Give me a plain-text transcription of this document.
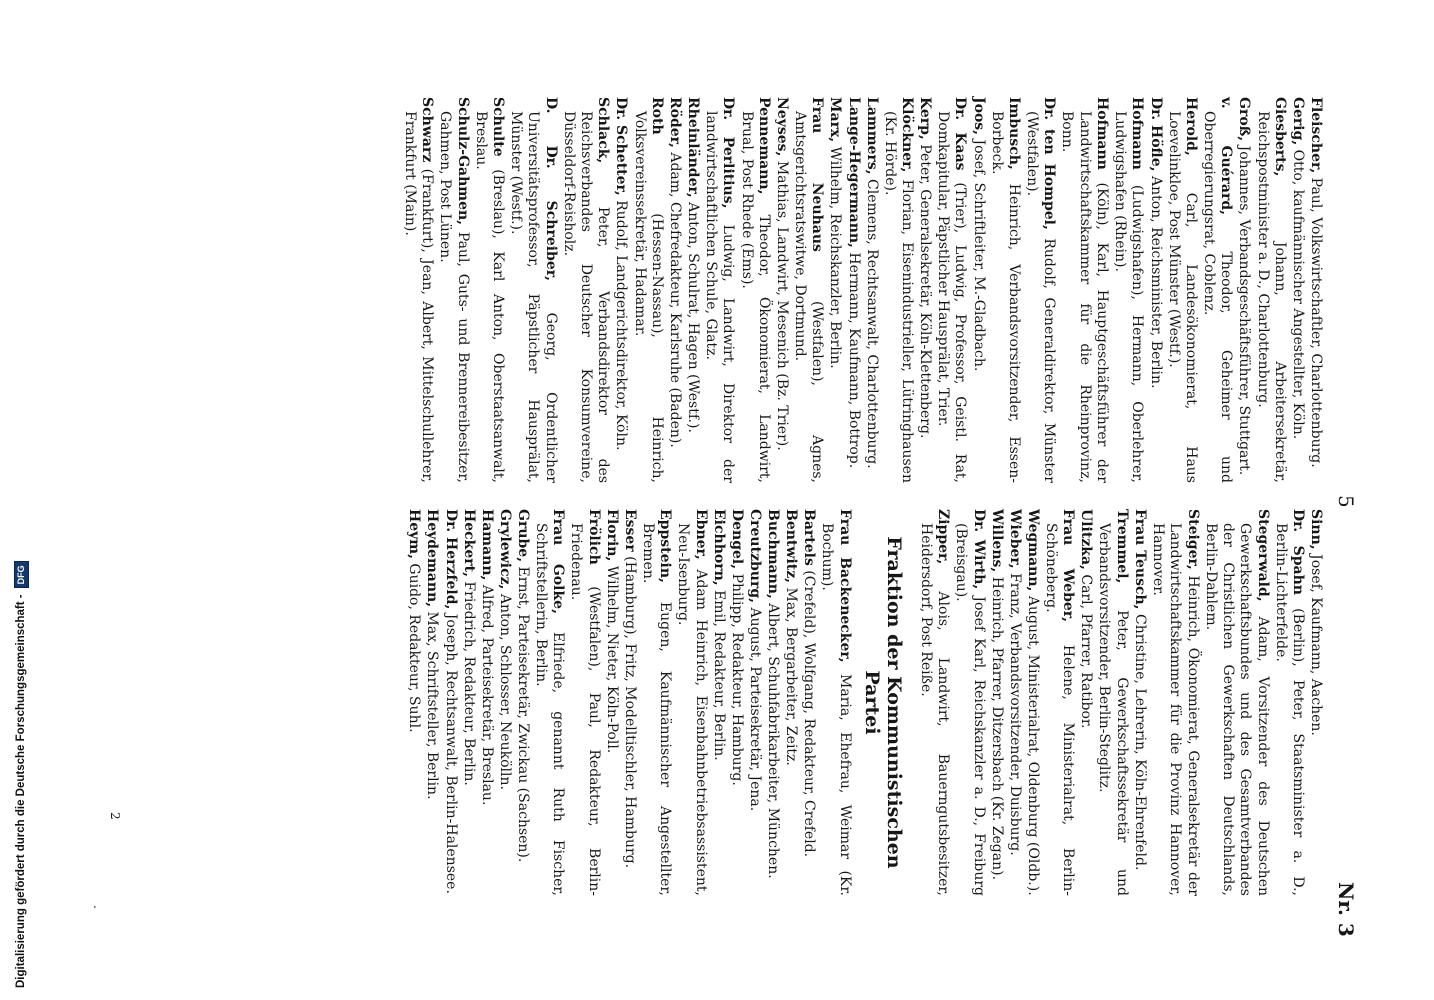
5
Nr. 3

Fleischer, Paul, Volkswirtschaftler, Charlottenburg.

Gerig, Otto, kaufmännischer Angestellter, Köln.

Giesberts, Johann, Arbeitersekretär, Reichspostminister a. D., Charlottenburg.

Groß, Johannes, Verbandsgeschäftsführer, Stuttgart.

v. Guérard, Theodor, Geheimer und Oberregierungsrat, Coblenz.

Herold, Carl, Landesökonomierat, Haus Loevelinkloe, Post Münster (Westf.).

Dr. Höfle, Anton, Reichsminister, Berlin.

Hofmann (Ludwigshafen), Hermann, Oberlehrer, Ludwigshafen (Rhein).

Hofmann (Köln), Karl, Hauptgeschäftsführer der Landwirtschaftskammer für die Rheinprovinz, Bonn.

Dr. ten Hompel, Rudolf, Generaldirektor, Münster (Westfalen).

Imbusch, Heinrich, Verbandsvorsitzender, Essen-Borbeck.

Joos, Josef, Schriftleiter, M.-Gladbach.

Dr. Kaas (Trier), Ludwig, Professor, Geistl. Rat, Domkapitular, Päpstlicher Hausprälat, Trier.

Kerp, Peter, Generalsekretär, Köln-Klettenberg.

Klöckner, Florian, Eisenindustrieller, Lütringhausen (Kr. Hörde).

Lammers, Clemens, Rechtsanwalt, Charlottenburg.

Lange-Hegermann, Hermann, Kaufmann, Bottrop.

Marx, Wilhelm, Reichskanzler, Berlin.

Frau Neuhaus (Westfalen), Agnes, Amtsgerichtsratswitwe, Dortmund.

Neyses, Mathias, Landwirt, Mesenich (Bz. Trier).

Pennemann, Theodor, Ökonomierat, Landwirt, Brual, Post Rhede (Ems).

Dr. Perlitius, Ludwig, Landwirt, Direktor der landwirtschaftlichen Schule, Glatz.

Rheinländer, Anton, Schulrat, Hagen (Westf.).

Röder, Adam, Chefredakteur, Karlsruhe (Baden).

Roth (Hessen-Nassau), Heinrich, Volksvereinssekretär, Hadamar.

Dr. Schetter, Rudolf, Landgerichtsdirektor, Köln.

Schlack, Peter, Verbandsdirektor des Reichsverbandes Deutscher Konsumvereine, Düsseldorf-Reisholz.

D. Dr. Schreiber, Georg, Ordentlicher Universitätsprofessor, Päpstlicher Hausprälat, Münster (Westf.).

Schulte (Breslau), Karl Anton, Oberstaatsanwalt, Breslau.

Schulz-Gahmen, Paul, Guts- und Brennereibesitzer, Gahmen, Post Lünen.

Schwarz (Frankfurt), Jean, Albert, Mittelschullehrer, Frankfurt (Main).

Sinn, Josef, Kaufmann, Aachen.

Dr. Spahn (Berlin), Peter, Staatsminister a. D., Berlin-Lichterfelde.

Stegerwald, Adam, Vorsitzender des Deutschen Gewerkschaftsbundes und des Gesamtverbandes der Christlichen Gewerkschaften Deutschlands, Berlin-Dahlem.

Steiger, Heinrich, Ökonomierat, Generalsekretär der Landwirtschaftskammer für die Provinz Hannover, Hannover.

Frau Teusch, Christine, Lehrerin, Köln-Ehrenfeld.

Tremmel, Peter, Gewerkschaftssekretär und Verbandsvorsitzender, Berlin-Steglitz.

Ulitzka, Carl, Pfarrer, Ratibor.

Frau Weber, Helene, Ministerialrat, Berlin-Schöneberg.

Wegmann, August, Ministerialrat, Oldenburg (Oldb.).

Wieber, Franz, Verbandsvorsitzender, Duisburg.

Willens, Heinrich, Pfarrer, Ditzersbach (Kr. Zegan).

Dr. Wirth, Josef Karl, Reichskanzler a. D., Freiburg (Breisgau).

Zipper, Alois, Landwirt, Bauerngutsbesitzer, Heidersdorf, Post Reiße.

Fraktion der Kommunistischen Partei

Frau Backenecker, Maria, Ehefrau, Weimar (Kr. Bochum).

Bartels (Crefeld), Wolfgang, Redakteur, Crefeld.

Bentwitz, Max, Bergarbeiter, Zeitz.

Buchmann, Albert, Schuhfabrikarbeiter, München.

Creutzburg, August, Parteisekretär, Jena.

Dengel, Philipp, Redakteur, Hamburg.

Eichhorn, Emil, Redakteur, Berlin.

Ebner, Adam Heinrich, Eisenbahnbetriebsassistent, Neu-Isenburg.

Eppstein, Eugen, Kaufmännischer Angestellter, Bremen.

Esser (Hamburg), Fritz, Modelltischler, Hamburg.

Florin, Wilhelm, Nieter, Köln-Poll.

Frölich (Westfalen), Paul, Redakteur, Berlin-Friedenau.

Frau Golke, Elfriede, genannt Ruth Fischer, Schriftstellerin, Berlin.

Grube, Ernst, Parteisekretär, Zwickau (Sachsen).

Grylewicz, Anton, Schlosser, Neukölln.

Hamann, Alfred, Parteisekretär, Breslau.

Heckert, Friedrich, Redakteur, Berlin.

Dr. Herzfeld, Joseph, Rechtsanwalt, Berlin-Halensee.

Heydemann, Max, Schriftsteller, Berlin.

Heym, Guido, Redakteur, Suhl.

2
.
Digitalisierung gefördert durch die Deutsche Forschungsgemeinschaft -DFG
